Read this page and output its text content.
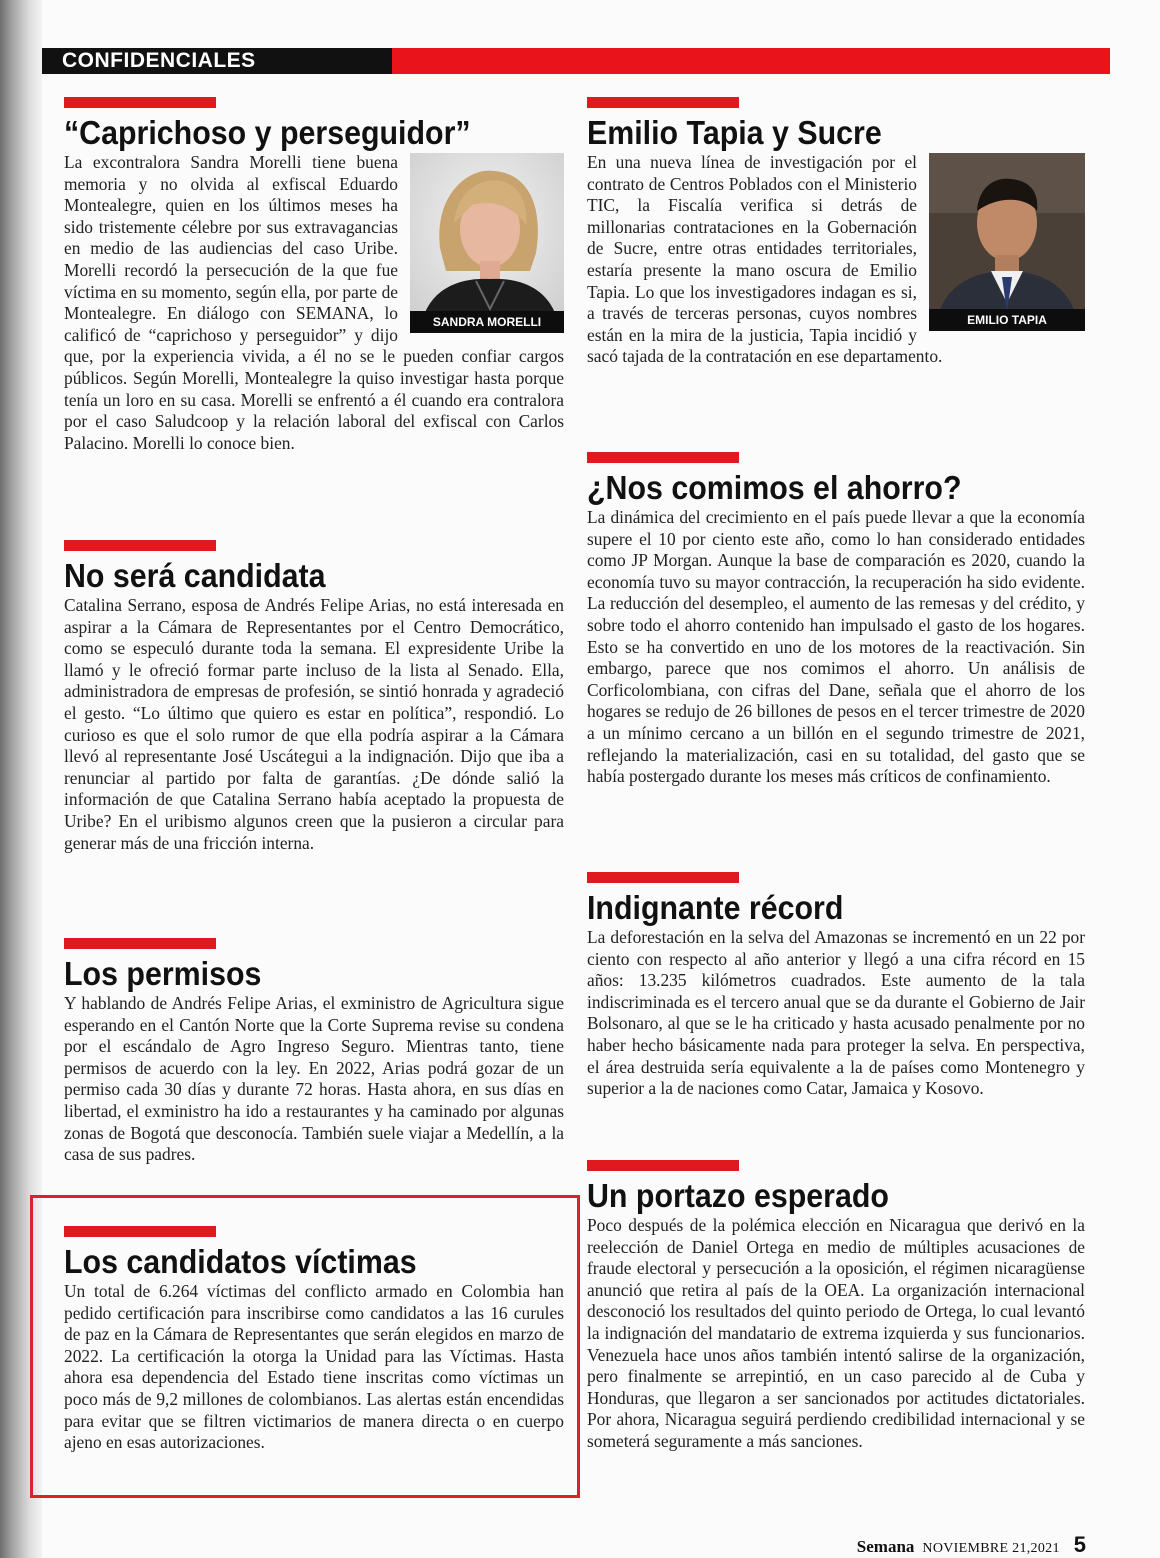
CONFIDENCIALES
“Caprichoso y perseguidor”
SANDRA MORELLI

La excontralora Sandra Morelli tiene buena memoria y no olvida al exfiscal Eduardo Montealegre, quien en los últimos meses ha sido tristemente célebre por sus extravagancias en medio de las audiencias del caso Uribe. Morelli recordó la persecución de la que fue víctima en su momento, según ella, por parte de Montealegre. En diálogo con SEMANA, lo calificó de “caprichoso y perseguidor” y dijo que, por la experiencia vivida, a él no se le pueden confiar cargos públicos. Según Morelli, Montealegre la quiso investigar hasta porque tenía un loro en su casa. Morelli se enfrentó a él cuando era contralora por el caso Saludcoop y la relación laboral del exfiscal con Carlos Palacino. Morelli lo conoce bien.

No será candidata

Catalina Serrano, esposa de Andrés Felipe Arias, no está interesada en aspirar a la Cámara de Representantes por el Centro Democrático, como se especuló durante toda la semana. El expresidente Uribe la llamó y le ofreció formar parte incluso de la lista al Senado. Ella, administradora de empresas de profesión, se sintió honrada y agradeció el gesto. “Lo último que quiero es estar en política”, respondió. Lo curioso es que el solo rumor de que ella podría aspirar a la Cámara llevó al representante José Uscátegui a la indignación. Dijo que iba a renunciar al partido por falta de garantías. ¿De dónde salió la información de que Catalina Serrano había aceptado la propuesta de Uribe? En el uribismo algunos creen que la pusieron a circular para generar más de una fricción interna.

Los permisos

Y hablando de Andrés Felipe Arias, el exministro de Agricultura sigue esperando en el Cantón Norte que la Corte Suprema revise su condena por el escándalo de Agro Ingreso Seguro. Mientras tanto, tiene permisos de acuerdo con la ley. En 2022, Arias podrá gozar de un permiso cada 30 días y durante 72 horas. Hasta ahora, en sus días en libertad, el exministro ha ido a restaurantes y ha caminado por algunas zonas de Bogotá que desconocía. También suele viajar a Medellín, a la casa de sus padres.

Los candidatos víctimas

Un total de 6.264 víctimas del conflicto armado en Colombia han pedido certificación para inscribirse como candidatos a las 16 curules de paz en la Cámara de Representantes que serán elegidos en marzo de 2022. La certificación la otorga la Unidad para las Víctimas. Hasta ahora esa dependencia del Estado tiene inscritas como víctimas un poco más de 9,2 millones de colombianos. Las alertas están encendidas para evitar que se filtren victimarios de manera directa o en cuerpo ajeno en esas autorizaciones.

Emilio Tapia y Sucre
EMILIO TAPIA

En una nueva línea de investigación por el contrato de Centros Poblados con el Ministerio TIC, la Fiscalía verifica si detrás de millonarias contrataciones en la Gobernación de Sucre, entre otras entidades territoriales, estaría presente la mano oscura de Emilio Tapia. Lo que los investigadores indagan es si, a través de terceras personas, cuyos nombres están en la mira de la justicia, Tapia incidió y sacó tajada de la contratación en ese departamento.

¿Nos comimos el ahorro?

La dinámica del crecimiento en el país puede llevar a que la economía supere el 10 por ciento este año, como lo han considerado entidades como JP Morgan. Aunque la base de comparación es 2020, cuando la economía tuvo su mayor contracción, la recuperación ha sido evidente. La reducción del desempleo, el aumento de las remesas y del crédito, y sobre todo el ahorro contenido han impulsado el gasto de los hogares. Esto se ha convertido en uno de los motores de la reactivación. Sin embargo, parece que nos comimos el ahorro. Un análisis de Corficolombiana, con cifras del Dane, señala que el ahorro de los hogares se redujo de 26 billones de pesos en el tercer trimestre de 2020 a un mínimo cercano a un billón en el segundo trimestre de 2021, reflejando la materialización, casi en su totalidad, del gasto que se había postergado durante los meses más críticos de confinamiento.

Indignante récord

La deforestación en la selva del Amazonas se incrementó en un 22 por ciento con respecto al año anterior y llegó a una cifra récord en 15 años: 13.235 kilómetros cuadrados. Este aumento de la tala indiscriminada es el tercero anual que se da durante el Gobierno de Jair Bolsonaro, al que se le ha criticado y hasta acusado penalmente por no haber hecho básicamente nada para proteger la selva. En perspectiva, el área destruida sería equivalente a la de países como Montenegro y superior a la de naciones como Catar, Jamaica y Kosovo.

Un portazo esperado

Poco después de la polémica elección en Nicaragua que derivó en la reelección de Daniel Ortega en medio de múltiples acusaciones de fraude electoral y persecución a la oposición, el régimen nicaragüense anunció que retira al país de la OEA. La organización internacional desconoció los resultados del quinto periodo de Ortega, lo cual levantó la indignación del mandatario de extrema izquierda y sus funcionarios. Venezuela hace unos años también intentó salirse de la organización, pero finalmente se arrepintió, en un caso parecido al de Cuba y Honduras, que llegaron a ser sancionados por actitudes dictatoriales. Por ahora, Nicaragua seguirá perdiendo credibilidad internacional y se someterá seguramente a más sanciones.

Semana NOVIEMBRE 21,2021 5
